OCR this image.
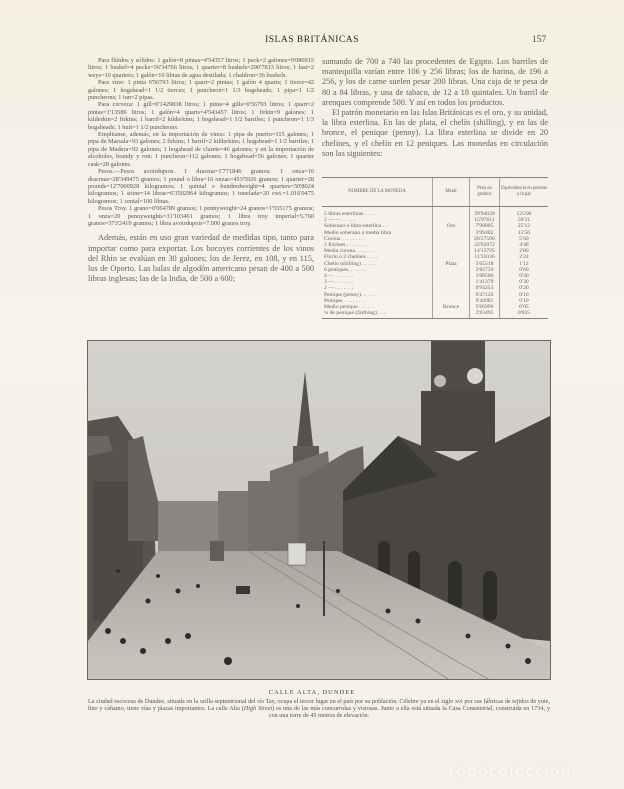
ISLAS BRITÁNICAS	157

Para flúidos y sólidos: 1 galón=8 pintas=4'54357 litros; 1 peck=2 galones=9'086915 litros; 1 bushel=4 pecks=36'34766 litros; 1 quarter=8 bushels=290'7813 litros; 1 last=2 weys=10 quarters; 1 galón=10 libras de agua destilada; 1 chaldron=36 bushels.

Para vino: 1 pinta 0'56793 litros; 1 quart=2 pintas; 1 galón 4 quarts; 1 tierce=42 galones; 1 hogshead=1 1/2 tierces; 1 puncheon=1 1/3 hogsheads; 1 pipa=1 1/2 puncheons; 1 tun=2 pipas.

Para cerveza: 1 gill=0'1429838 litros; 1 pinta=4 gills=0'56793 litros; 1 quart=2 pintas=1'13586 litros; 1 galón=4 quarts=4'543457 litros; 1 firkin=9 galones; 1 kilderkin=2 firkins; 1 barril=2 kilderkins; 1 hogshead=1 1/2 barriles; 1 puncheon=1 1/3 hogsheads; 1 butt=1 1/2 puncheons.

Empléanse, además, en la importación de vinos: 1 pipa de puerto=115 galones; 1 pipa de Marsala=93 galones; 2 firkins; 1 barril=2 kilderkins; 1 hogshead=1 1/2 barriles; 1 pipa de Madera=92 galones; 1 hogshead de clarete=46 galones; y en la importación de alcoholes, brandy y ron: 1 puncheon=112 galones; 1 hogshead=56 galones; 1 quarter cask=28 galones.

Pesos.—Pesos avoirdupois. 1 dracma=1'771846 gramos; 1 onza=16 dracmas=28'349475 gramos; 1 pound o libra=16 onzas=453'5926 gramos; 1 quarter=28 pounds=12'7000928 kilogramos; 1 quintal o hundredweight=4 quarters=50'8024 kilogramos; 1 stone=14 libras=6'3502964 kilogramos; 1 tonelada=20 cwt.=1.016'0475 kilogramos; 1 cental=100 libras.

Pesos Troy. 1 grano=0'064789 gramos; 1 pennyweight=24 granos=1'555175 gramos; 1 onza=20 pennyweights=31'103461 gramos; 1 libra troy imperial=5.760 granos=373'2419 gramos; 1 libra avoirdupois=7.000 granos troy.

Además, están en uso gran variedad de medidas tipo, tanto para importar como para exportar. Los bocoyes corrientes de los vinos del Rhin se evalúan en 30 galones; los de Jerez, en 108, y en 115, los de Oporto. Las balas de algodón americano pesan de 400 a 500 libras inglesas; las de la India, de 500 a 600;

sumando de 700 a 740 las procedentes de Egipto. Los barriles de mantequilla varían entre 106 y 256 libras; los de harina, de 196 a 256, y los de carne suelen pesar 200 libras. Una caja de te pesa de 80 a 84 libras, y una de tabaco, de 12 a 18 quintales. Un barril de arenques comprende 500. Y así en todos los productos.

El patrón monetario en las Islas Británicas es el oro, y su unidad, la libra esterlina. En las de plata, el chelín (shilling), y en las de bronce, el penique (penny). La libra esterlina se divide en 20 chelines, y el chelín en 12 peniques. Las monedas en circulación son las siguientes:

NOMBRE DE LA MONEDA	Metal	Peso en gramos	Equivalencia en pesetas a la par
5 libras esterlinas. . . . .		39'94028	125'00
2 — — . . . . .		15'97611	50'31
Soberano o libra esterlina . .	Oro	7'98805	25'12
Medio soberano o media libra		3'99402	12'56
Corona . . . . . . . .		28'27590	5'60
2 florines . . . . . . .		22'62072	4'48
Media corona. . . . . . .		14'13795	2'80
Florín o 2 chelines . . . .		11'31036	2'24
Chelín (shilling) . . . . .	Plata	5'65518	1'12
6 peniques. . . . . . .		2'82759	0'60
4 — . . . . . . .		1'88506	0'40
3 — . . . . . . .		1'41379	0'30
2 — . . . . . . .		0'94253	0'20
Penique (penny) . . . . .		0'47126	0'10
Penique. . . . . . . . .		9'44981	0'10
Medio penique . . . . . .	Bronce	5'66990	0'05
¼ de penique (farthing) . . .		2'83495	0'025
CALLE ALTA, DUNDEE
La ciudad escocesa de Dundee, situada en la orilla septentrional del río Tay, ocupa el tercer lugar en el país por su población. Célebre ya en el siglo xvi por sus fábricas de tejidos de yute, lino y cáñamo, tiene vías y plazas importantes. La calle Alta (High Street) es una de las más concurridas y vistosas. Junto a ella está situada la Casa Consistorial, construida en 1734, y con una torre de 45 metros de elevación.
todocoleccion
